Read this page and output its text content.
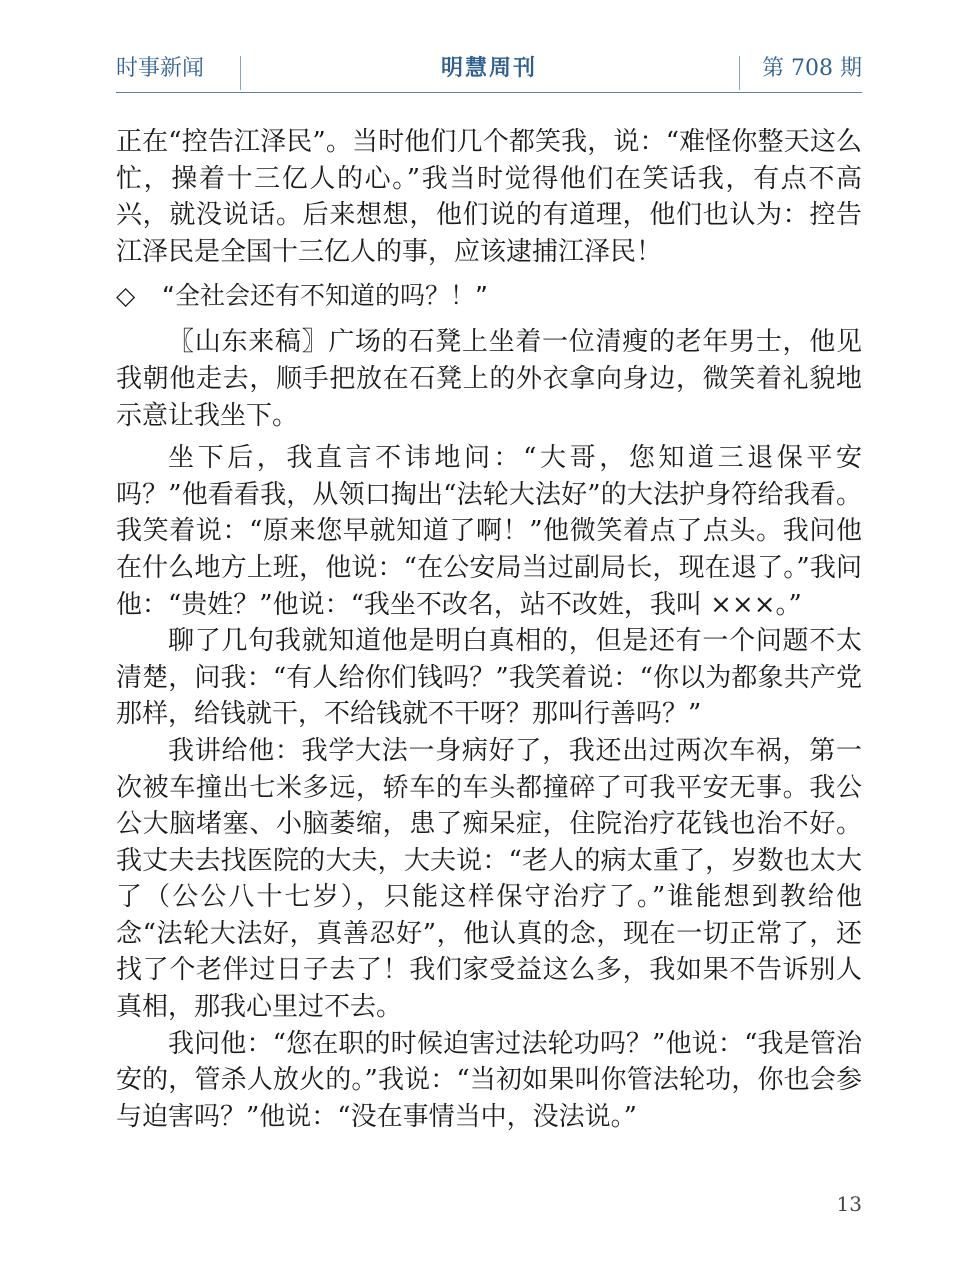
时事新闻	明慧周刊	第 708 期

正在“控告江泽民”。当时他们几个都笑我，说：“难怪你整天这么忙，操着十三亿人的心。”我当时觉得他们在笑话我，有点不高兴，就没说话。后来想想，他们说的有道理，他们也认为：控告江泽民是全国十三亿人的事，应该逮捕江泽民！

◇ “全社会还有不知道的吗？！”

〖山东来稿〗广场的石凳上坐着一位清瘦的老年男士，他见我朝他走去，顺手把放在石凳上的外衣拿向身边，微笑着礼貌地示意让我坐下。

坐下后，我直言不讳地问：“大哥，您知道三退保平安吗？”他看看我，从领口掏出“法轮大法好”的大法护身符给我看。我笑着说：“原来您早就知道了啊！”他微笑着点了点头。我问他在什么地方上班，他说：“在公安局当过副局长，现在退了。”我问他：“贵姓？”他说：“我坐不改名，站不改姓，我叫 ×××。”

聊了几句我就知道他是明白真相的，但是还有一个问题不太清楚，问我：“有人给你们钱吗？”我笑着说：“你以为都象共产党那样，给钱就干，不给钱就不干呀？那叫行善吗？”

我讲给他：我学大法一身病好了，我还出过两次车祸，第一次被车撞出七米多远，轿车的车头都撞碎了可我平安无事。我公公大脑堵塞、小脑萎缩，患了痴呆症，住院治疗花钱也治不好。我丈夫去找医院的大夫，大夫说：“老人的病太重了，岁数也太大了（公公八十七岁），只能这样保守治疗了。”谁能想到教给他念“法轮大法好，真善忍好”，他认真的念，现在一切正常了，还找了个老伴过日子去了！我们家受益这么多，我如果不告诉别人真相，那我心里过不去。

我问他：“您在职的时候迫害过法轮功吗？”他说：“我是管治安的，管杀人放火的。”我说：“当初如果叫你管法轮功，你也会参与迫害吗？”他说：“没在事情当中，没法说。”

13
